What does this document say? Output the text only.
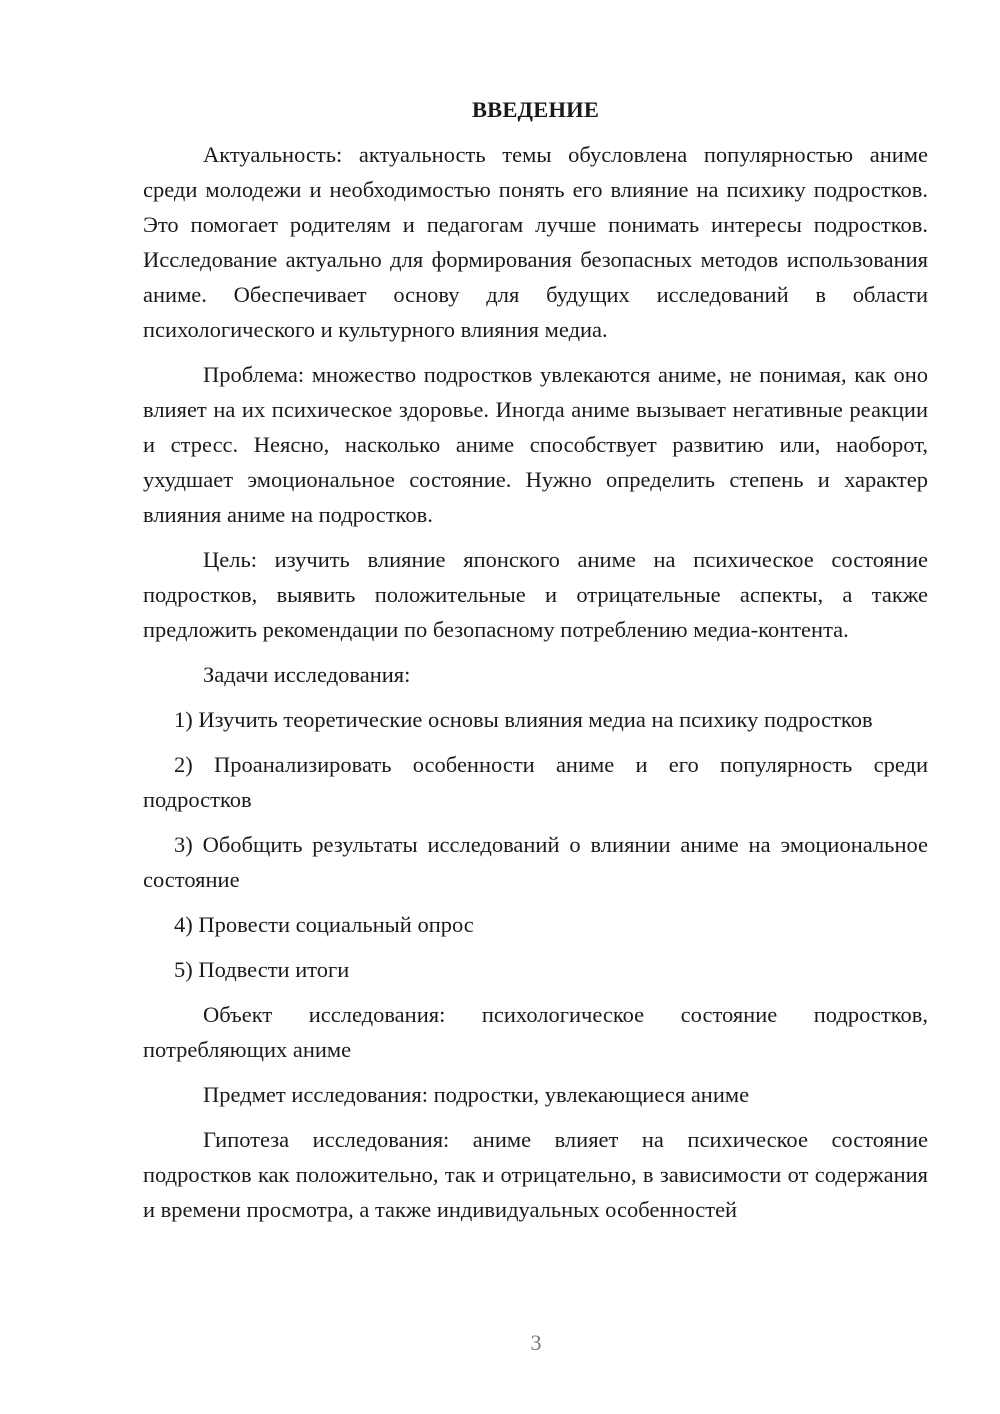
ВВЕДЕНИЕ

Актуальность: актуальность темы обусловлена популярностью аниме среди молодежи и необходимостью понять его влияние на психику подростков. Это помогает родителям и педагогам лучше понимать интересы подростков. Исследование актуально для формирования безопасных методов использования аниме. Обеспечивает основу для будущих исследований в области психологического и культурного влияния медиа.

Проблема: множество подростков увлекаются аниме, не понимая, как оно влияет на их психическое здоровье. Иногда аниме вызывает негативные реакции и стресс. Неясно, насколько аниме способствует развитию или, наоборот, ухудшает эмоциональное состояние. Нужно определить степень и характер влияния аниме на подростков.

Цель: изучить влияние японского аниме на психическое состояние подростков, выявить положительные и отрицательные аспекты, а также предложить рекомендации по безопасному потреблению медиа-контента.

Задачи исследования:

1) Изучить теоретические основы влияния медиа на психику подростков

2) Проанализировать особенности аниме и его популярность среди подростков

3) Обобщить результаты исследований о влиянии аниме на эмоциональное состояние

4) Провести социальный опрос

5) Подвести итоги

Объект исследования: психологическое состояние подростков, потребляющих аниме

Предмет исследования: подростки, увлекающиеся аниме

Гипотеза исследования: аниме влияет на психическое состояние подростков как положительно, так и отрицательно, в зависимости от содержания и времени просмотра, а также индивидуальных особенностей

3
